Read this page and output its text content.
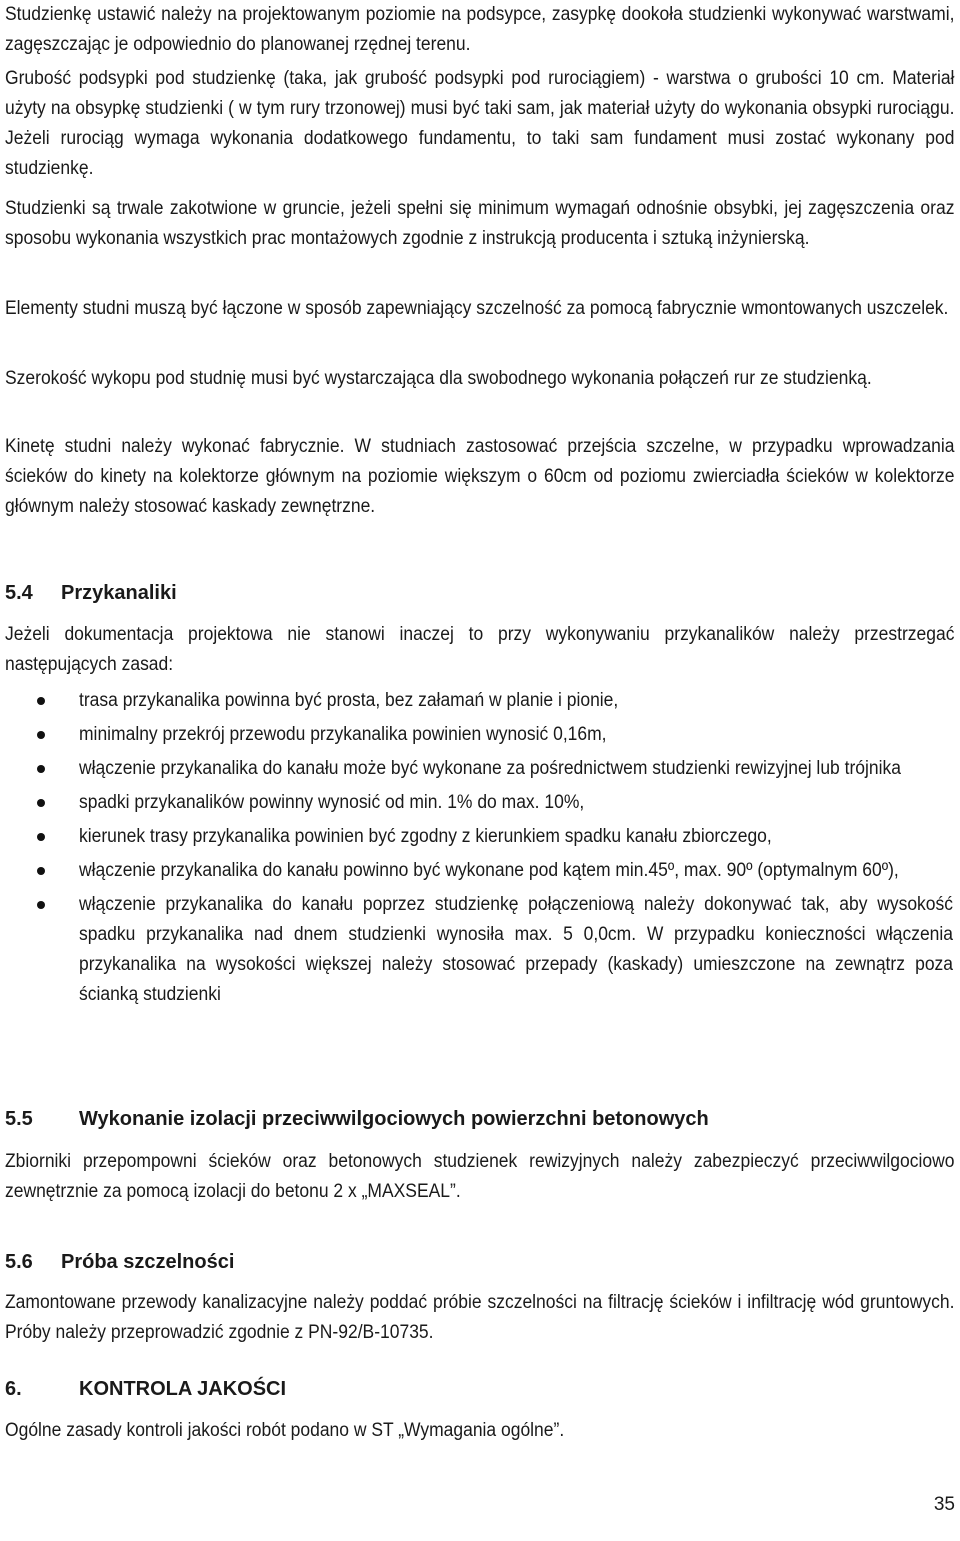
Studzienkę ustawić należy na projektowanym poziomie na podsypce, zasypkę dookoła studzienki wykonywać warstwami, zagęszczając je odpowiednio do planowanej rzędnej terenu.

Grubość podsypki pod studzienkę (taka, jak grubość podsypki pod rurociągiem) - warstwa o grubości 10 cm. Materiał użyty na obsypkę studzienki ( w tym rury trzonowej) musi być taki sam, jak materiał użyty do wykonania obsypki rurociągu. Jeżeli rurociąg wymaga wykonania dodatkowego fundamentu, to taki sam fundament musi zostać wykonany pod studzienkę.

Studzienki są trwale zakotwione w gruncie, jeżeli spełni się minimum wymagań odnośnie obsybki, jej zagęszczenia oraz sposobu wykonania wszystkich prac montażowych zgodnie z instrukcją producenta i sztuką inżynierską.

Elementy studni muszą być łączone w sposób zapewniający szczelność za pomocą fabrycznie wmontowanych uszczelek.

Szerokość wykopu pod studnię musi być wystarczająca dla swobodnego wykonania połączeń rur ze studzienką.

Kinetę studni należy wykonać fabrycznie. W studniach zastosować przejścia szczelne, w przypadku wprowadzania ścieków do kinety na kolektorze głównym na poziomie większym o 60cm od poziomu zwierciadła ścieków w kolektorze głównym należy stosować kaskady zewnętrzne.

5.4	Przykanaliki

Jeżeli dokumentacja projektowa nie stanowi inaczej to przy wykonywaniu przykanalików należy przestrzegać następujących zasad:

trasa przykanalika powinna być prosta, bez załamań w planie i pionie,
minimalny przekrój przewodu przykanalika powinien wynosić 0,16m,
włączenie przykanalika do kanału może być wykonane za pośrednictwem studzienki rewizyjnej lub trójnika
spadki przykanalików powinny wynosić od min. 1% do max. 10%,
kierunek trasy przykanalika powinien być zgodny z kierunkiem spadku kanału zbiorczego,
włączenie przykanalika do kanału powinno być wykonane pod kątem min.45º, max. 90º (optymalnym 60º),
włączenie przykanalika do kanału poprzez studzienkę połączeniową należy dokonywać tak, aby wysokość spadku przykanalika nad dnem studzienki wynosiła max. 5 0,0cm. W przypadku konieczności włączenia przykanalika na wysokości większej należy stosować przepady (kaskady) umieszczone na zewnątrz poza ścianką studzienki
5.5	Wykonanie izolacji przeciwwilgociowych powierzchni betonowych

Zbiorniki przepompowni ścieków oraz betonowych studzienek rewizyjnych należy zabezpieczyć przeciwwilgociowo zewnętrznie za pomocą izolacji do betonu 2 x „MAXSEAL”.

5.6	Próba szczelności

Zamontowane przewody kanalizacyjne należy poddać próbie szczelności na filtrację ścieków i infiltrację wód gruntowych. Próby należy przeprowadzić zgodnie z PN-92/B-10735.

6.	KONTROLA JAKOŚCI

Ogólne zasady kontroli jakości robót podano w ST „Wymagania ogólne”.

35
